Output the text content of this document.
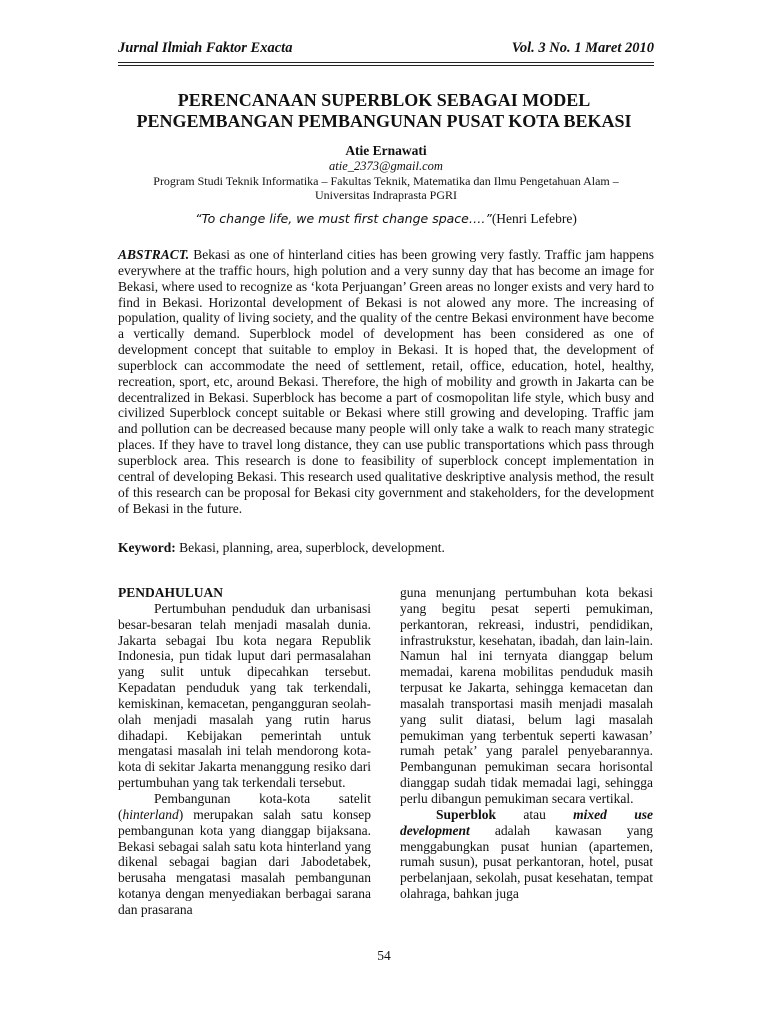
Jurnal Ilmiah Faktor Exacta	Vol. 3 No. 1 Maret 2010
PERENCANAAN SUPERBLOK SEBAGAI MODEL
PENGEMBANGAN PEMBANGUNAN PUSAT KOTA BEKASI
Atie Ernawati
atie_2373@gmail.com
Program Studi Teknik Informatika – Fakultas Teknik, Matematika dan Ilmu Pengetahuan Alam –
Universitas Indraprasta PGRI
“To change life, we must first change space….”(Henri Lefebre)

ABSTRACT. Bekasi as one of hinterland cities has been growing very fastly. Traffic jam happens everywhere at the traffic hours, high polution and a very sunny day that has become an image for Bekasi, where used to recognize as ‘kota Perjuangan’ Green areas no longer exists and very hard to find in Bekasi. Horizontal development of Bekasi is not alowed any more. The increasing of population, quality of living society, and the quality of the centre Bekasi environment have become a vertically demand. Superblock model of development has been considered as one of development concept that suitable to employ in Bekasi. It is hoped that, the development of superblock can accommodate the need of settlement, retail, office, education, hotel, healthy, recreation, sport, etc, around Bekasi. Therefore, the high of mobility and growth in Jakarta can be decentralized in Bekasi. Superblock has become a part of cosmopolitan life style, which busy and civilized Superblock concept suitable or Bekasi where still growing and developing. Traffic jam and pollution can be decreased because many people will only take a walk to reach many strategic places. If they have to travel long distance, they can use public transportations which pass through superblock area. This research is done to feasibility of superblock concept implementation in central of developing Bekasi. This research used qualitative deskriptive analysis method, the result of this research can be proposal for Bekasi city government and stakeholders, for the development of Bekasi in the future.

Keyword: Bekasi, planning, area, superblock, development.

PENDAHULUAN

Pertumbuhan penduduk dan urbanisasi besar-besaran telah menjadi masalah dunia. Jakarta sebagai Ibu kota negara Republik Indonesia, pun tidak luput dari permasalahan yang sulit untuk dipecahkan tersebut. Kepadatan penduduk yang tak terkendali, kemiskinan, kemacetan, pengangguran seolah-olah menjadi masalah yang rutin harus dihadapi. Kebijakan pemerintah untuk mengatasi masalah ini telah mendorong kota-kota di sekitar Jakarta menanggung resiko dari pertumbuhan yang tak terkendali tersebut.

Pembangunan kota-kota satelit (hinterland) merupakan salah satu konsep pembangunan kota yang dianggap bijaksana. Bekasi sebagai salah satu kota hinterland yang dikenal sebagai bagian dari Jabodetabek, berusaha mengatasi masalah pembangunan kotanya dengan menyediakan berbagai sarana dan prasarana

guna menunjang pertumbuhan kota bekasi yang begitu pesat seperti pemukiman, perkantoran, rekreasi, industri, pendidikan, infrastrukstur, kesehatan, ibadah, dan lain-lain. Namun hal ini ternyata dianggap belum memadai, karena mobilitas penduduk masih terpusat ke Jakarta, sehingga kemacetan dan masalah transportasi masih menjadi masalah yang sulit diatasi, belum lagi masalah pemukiman yang terbentuk seperti kawasan’ rumah petak’ yang paralel penyebarannya. Pembangunan pemukiman secara horisontal dianggap sudah tidak memadai lagi, sehingga perlu dibangun pemukiman secara vertikal.

Superblok atau mixed use development adalah kawasan yang menggabungkan pusat hunian (apartemen, rumah susun), pusat perkantoran, hotel, pusat perbelanjaan, sekolah, pusat kesehatan, tempat olahraga, bahkan juga

54
